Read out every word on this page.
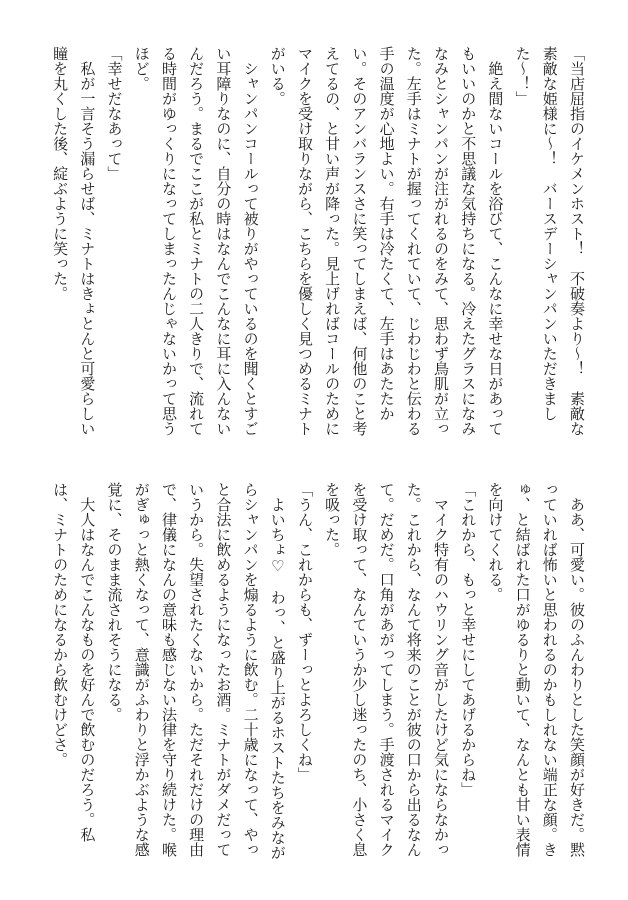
「当店屈指のイケメンホスト！　不破奏より〜！　素敵な素敵な姫様に〜！　バースデーシャンパンいただきました〜！」

　絶え間ないコールを浴びて、こんなに幸せな日があってもいいのかと不思議な気持ちになる。冷えたグラスになみなみとシャンパンが注がれるのをみて、思わず鳥肌が立った。左手はミナトが握ってくれていて、じわじわと伝わる手の温度が心地よい。右手は冷たくて、左手はあたたかい。そのアンバランスさに笑ってしまえば、何他のこと考えてるの、と甘い声が降った。見上げればコールのためにマイクを受け取りながら、こちらを優しく見つめるミナトがいる。

　シャンパンコールって被りがやっているのを聞くとすごい耳障りなのに、自分の時はなんでこんなに耳に入んないんだろう。まるでここが私とミナトの二人きりで、流れてる時間がゆっくりになってしまったんじゃないかって思うほど。

「幸せだなあって」

　私が一言そう漏らせば、ミナトはきょとんと可愛らしい瞳を丸くした後、綻ぶように笑った。

　ああ、可愛い。彼のふんわりとした笑顔が好きだ。黙っていれば怖いと思われるのかもしれない端正な顔。きゅ、と結ばれた口がゆるりと動いて、なんとも甘い表情を向けてくれる。

「これから、もっと幸せにしてあげるからね」

　マイク特有のハウリング音がしたけど気にならなかった。これから、なんて将来のことが彼の口から出るなんて。だめだ。口角があがってしまう。手渡されるマイクを受け取って、なんていうか少し迷ったのち、小さく息を吸った。

「うん、これからも、ずーっとよろしくね」

　よいちょ♡　わっ、と盛り上がるホストたちをみながらシャンパンを煽るように飲む。二十歳になって、やっと合法に飲めるようになったお酒。ミナトがダメだっていうから。失望されたくないから。ただそれだけの理由で、律儀になんの意味も感じない法律を守り続けた。喉がぎゅっと熱くなって、意識がふわりと浮かぶような感覚に、そのまま流されそうになる。

　大人はなんでこんなものを好んで飲むのだろう。私は、ミナトのためになるから飲むけどさ。
